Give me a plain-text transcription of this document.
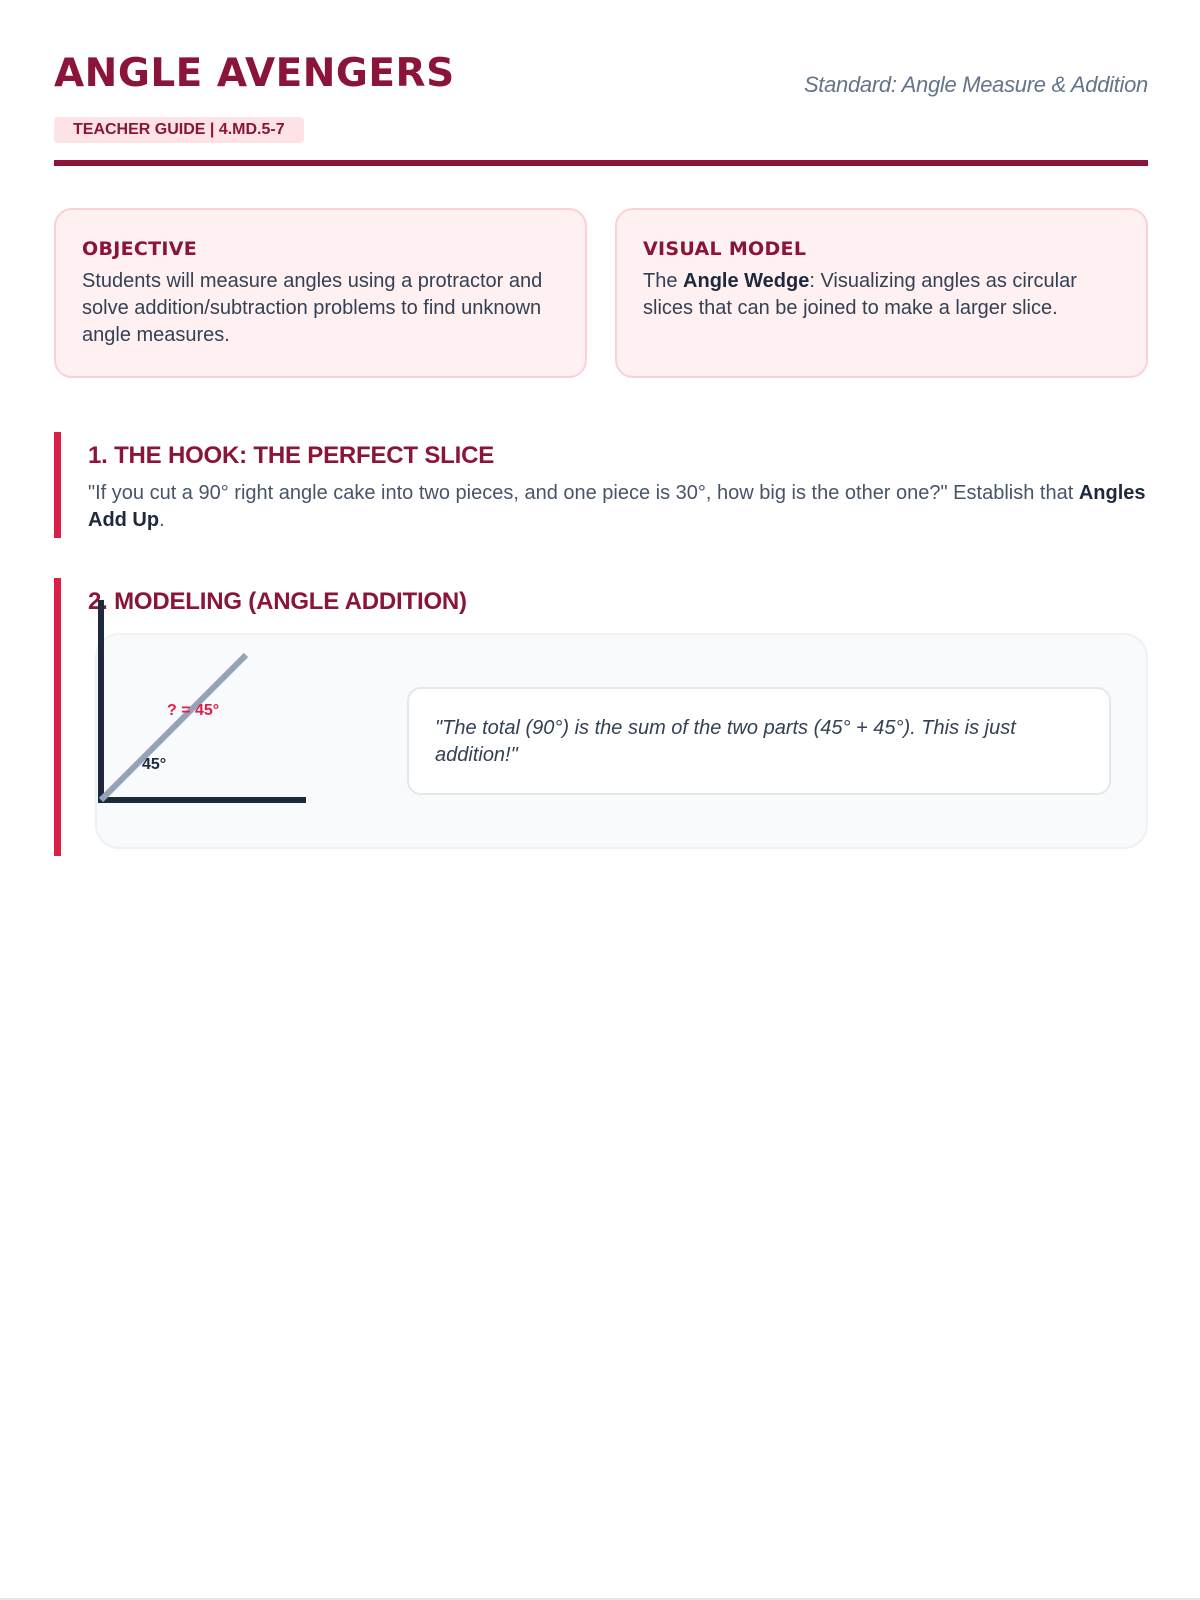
ANGLE AVENGERS
TEACHER GUIDE | 4.MD.5-7
Standard: Angle Measure & Addition
OBJECTIVE

Students will measure angles using a protractor and solve addition/subtraction problems to find unknown angle measures.

VISUAL MODEL

The Angle Wedge: Visualizing angles as circular slices that can be joined to make a larger slice.

1. THE HOOK: THE PERFECT SLICE

"If you cut a 90° right angle cake into two pieces, and one piece is 30°, how big is the other one?" Establish that Angles Add Up.

2. MODELING (ANGLE ADDITION)
? = 45°
45°
"The total (90°) is the sum of the two parts (45° + 45°). This is just addition!"
